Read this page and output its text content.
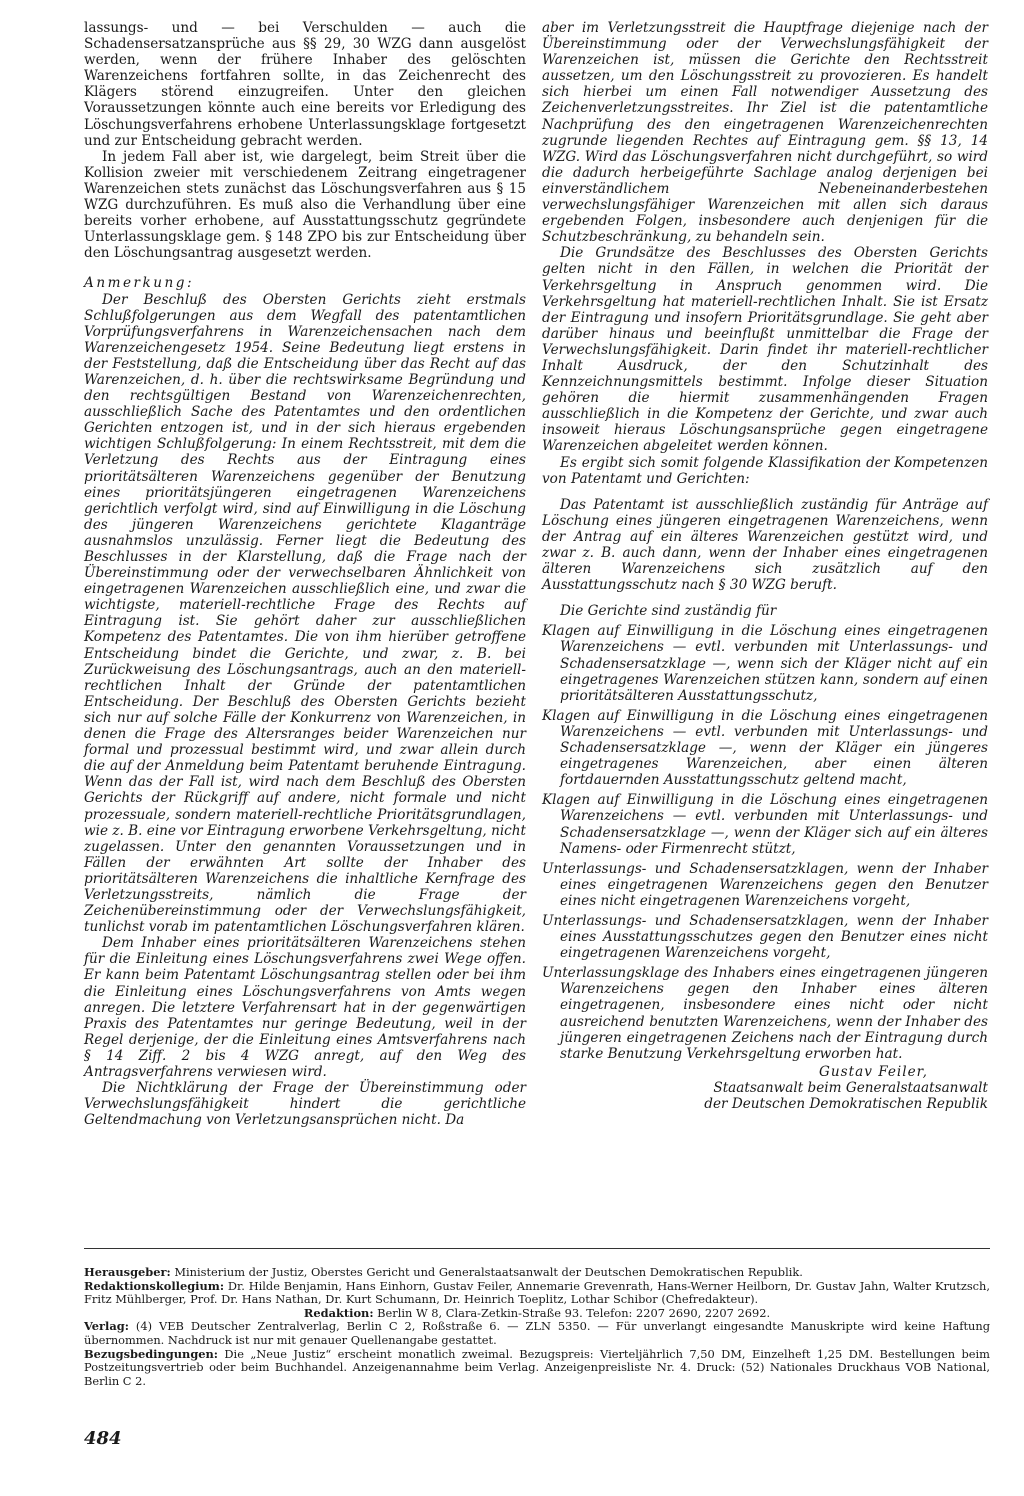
lassungs- und — bei Verschulden — auch die Schadensersatzansprüche aus §§ 29, 30 WZG dann ausgelöst werden, wenn der frühere Inhaber des gelöschten Warenzeichens fortfahren sollte, in das Zeichenrecht des Klägers störend einzugreifen. Unter den gleichen Voraussetzungen könnte auch eine bereits vor Erledigung des Löschungsverfahrens erhobene Unterlassungsklage fortgesetzt und zur Entscheidung gebracht werden.

In jedem Fall aber ist, wie dargelegt, beim Streit über die Kollision zweier mit verschiedenem Zeitrang eingetragener Warenzeichen stets zunächst das Löschungsverfahren aus § 15 WZG durchzuführen. Es muß also die Verhandlung über eine bereits vorher erhobene, auf Ausstattungsschutz gegründete Unterlassungsklage gem. § 148 ZPO bis zur Entscheidung über den Löschungsantrag ausgesetzt werden.

Anmerkung:

Der Beschluß des Obersten Gerichts zieht erstmals Schlußfolgerungen aus dem Wegfall des patentamtlichen Vorprüfungsverfahrens in Warenzeichensachen nach dem Warenzeichengesetz 1954. Seine Bedeutung liegt erstens in der Feststellung, daß die Entscheidung über das Recht auf das Warenzeichen, d. h. über die rechtswirksame Begründung und den rechtsgültigen Bestand von Warenzeichenrechten, ausschließlich Sache des Patentamtes und den ordentlichen Gerichten entzogen ist, und in der sich hieraus ergebenden wichtigen Schlußfolgerung: In einem Rechtsstreit, mit dem die Verletzung des Rechts aus der Eintragung eines prioritätsälteren Warenzeichens gegenüber der Benutzung eines prioritätsjüngeren eingetragenen Warenzeichens gerichtlich verfolgt wird, sind auf Einwilligung in die Löschung des jüngeren Warenzeichens gerichtete Klaganträge ausnahmslos unzulässig. Ferner liegt die Bedeutung des Beschlusses in der Klarstellung, daß die Frage nach der Übereinstimmung oder der verwechselbaren Ähnlichkeit von eingetragenen Warenzeichen ausschließlich eine, und zwar die wichtigste, materiell-rechtliche Frage des Rechts auf Eintragung ist. Sie gehört daher zur ausschließlichen Kompetenz des Patentamtes. Die von ihm hierüber getroffene Entscheidung bindet die Gerichte, und zwar, z. B. bei Zurückweisung des Löschungsantrags, auch an den materiell-rechtlichen Inhalt der Gründe der patentamtlichen Entscheidung. Der Beschluß des Obersten Gerichts bezieht sich nur auf solche Fälle der Konkurrenz von Warenzeichen, in denen die Frage des Altersranges beider Warenzeichen nur formal und prozessual bestimmt wird, und zwar allein durch die auf der Anmeldung beim Patentamt beruhende Eintragung. Wenn das der Fall ist, wird nach dem Beschluß des Obersten Gerichts der Rückgriff auf andere, nicht formale und nicht prozessuale, sondern materiell-rechtliche Prioritätsgrundlagen, wie z. B. eine vor Eintragung erworbene Verkehrsgeltung, nicht zugelassen. Unter den genannten Voraussetzungen und in Fällen der erwähnten Art sollte der Inhaber des prioritätsälteren Warenzeichens die inhaltliche Kernfrage des Verletzungsstreits, nämlich die Frage der Zeichenübereinstimmung oder der Verwechslungsfähigkeit, tunlichst vorab im patentamtlichen Löschungsverfahren klären.

Dem Inhaber eines prioritätsälteren Warenzeichens stehen für die Einleitung eines Löschungsverfahrens zwei Wege offen. Er kann beim Patentamt Löschungsantrag stellen oder bei ihm die Einleitung eines Löschungsverfahrens von Amts wegen anregen. Die letztere Verfahrensart hat in der gegenwärtigen Praxis des Patentamtes nur geringe Bedeutung, weil in der Regel derjenige, der die Einleitung eines Amtsverfahrens nach § 14 Ziff. 2 bis 4 WZG anregt, auf den Weg des Antragsverfahrens verwiesen wird.

Die Nichtklärung der Frage der Übereinstimmung oder Verwechslungsfähigkeit hindert die gerichtliche Geltendmachung von Verletzungsansprüchen nicht. Da

aber im Verletzungsstreit die Hauptfrage diejenige nach der Übereinstimmung oder der Verwechslungsfähigkeit der Warenzeichen ist, müssen die Gerichte den Rechtsstreit aussetzen, um den Löschungsstreit zu provozieren. Es handelt sich hierbei um einen Fall notwendiger Aussetzung des Zeichenverletzungsstreites. Ihr Ziel ist die patentamtliche Nachprüfung des den eingetragenen Warenzeichenrechten zugrunde liegenden Rechtes auf Eintragung gem. §§ 13, 14 WZG. Wird das Löschungsverfahren nicht durchgeführt, so wird die dadurch herbeigeführte Sachlage analog derjenigen bei einverständlichem Nebeneinanderbestehen verwechslungsfähiger Warenzeichen mit allen sich daraus ergebenden Folgen, insbesondere auch denjenigen für die Schutzbeschränkung, zu behandeln sein.

Die Grundsätze des Beschlusses des Obersten Gerichts gelten nicht in den Fällen, in welchen die Priorität der Verkehrsgeltung in Anspruch genommen wird. Die Verkehrsgeltung hat materiell-rechtlichen Inhalt. Sie ist Ersatz der Eintragung und insofern Prioritätsgrundlage. Sie geht aber darüber hinaus und beeinflußt unmittelbar die Frage der Verwechslungsfähigkeit. Darin findet ihr materiell-rechtlicher Inhalt Ausdruck, der den Schutzinhalt des Kennzeichnungsmittels bestimmt. Infolge dieser Situation gehören die hiermit zusammenhängenden Fragen ausschließlich in die Kompetenz der Gerichte, und zwar auch insoweit hieraus Löschungsansprüche gegen eingetragene Warenzeichen abgeleitet werden können.

Es ergibt sich somit folgende Klassifikation der Kompetenzen von Patentamt und Gerichten:

Das Patentamt ist ausschließlich zuständig für Anträge auf Löschung eines jüngeren eingetragenen Warenzeichens, wenn der Antrag auf ein älteres Warenzeichen gestützt wird, und zwar z. B. auch dann, wenn der Inhaber eines eingetragenen älteren Warenzeichens sich zusätzlich auf den Ausstattungsschutz nach § 30 WZG beruft.

Die Gerichte sind zuständig für

Klagen auf Einwilligung in die Löschung eines eingetragenen Warenzeichens — evtl. verbunden mit Unterlassungs- und Schadensersatzklage —, wenn sich der Kläger nicht auf ein eingetragenes Warenzeichen stützen kann, sondern auf einen prioritätsälteren Ausstattungsschutz,

Klagen auf Einwilligung in die Löschung eines eingetragenen Warenzeichens — evtl. verbunden mit Unterlassungs- und Schadensersatzklage —, wenn der Kläger ein jüngeres eingetragenes Warenzeichen, aber einen älteren fortdauernden Ausstattungsschutz geltend macht,

Klagen auf Einwilligung in die Löschung eines eingetragenen Warenzeichens — evtl. verbunden mit Unterlassungs- und Schadensersatzklage —, wenn der Kläger sich auf ein älteres Namens- oder Firmenrecht stützt,

Unterlassungs- und Schadensersatzklagen, wenn der Inhaber eines eingetragenen Warenzeichens gegen den Benutzer eines nicht eingetragenen Warenzeichens vorgeht,

Unterlassungs- und Schadensersatzklagen, wenn der Inhaber eines Ausstattungsschutzes gegen den Benutzer eines nicht eingetragenen Warenzeichens vorgeht,

Unterlassungsklage des Inhabers eines eingetragenen jüngeren Warenzeichens gegen den Inhaber eines älteren eingetragenen, insbesondere eines nicht oder nicht ausreichend benutzten Warenzeichens, wenn der Inhaber des jüngeren eingetragenen Zeichens nach der Eintragung durch starke Benutzung Verkehrsgeltung erworben hat.

Gustav Feiler,

Staatsanwalt beim Generalstaatsanwalt

der Deutschen Demokratischen Republik

Herausgeber: Ministerium der Justiz, Oberstes Gericht und Generalstaatsanwalt der Deutschen Demokratischen Republik.

Redaktionskollegium: Dr. Hilde Benjamin, Hans Einhorn, Gustav Feiler, Annemarie Grevenrath, Hans-Werner Heilborn, Dr. Gustav Jahn, Walter Krutzsch, Fritz Mühlberger, Prof. Dr. Hans Nathan, Dr. Kurt Schumann, Dr. Heinrich Toeplitz, Lothar Schibor (Chefredakteur).

Redaktion: Berlin W 8, Clara-Zetkin-Straße 93. Telefon: 2207 2690, 2207 2692.

Verlag: (4) VEB Deutscher Zentralverlag, Berlin C 2, Roßstraße 6. — ZLN 5350. — Für unverlangt eingesandte Manuskripte wird keine Haftung übernommen. Nachdruck ist nur mit genauer Quellenangabe gestattet.

Bezugsbedingungen: Die „Neue Justiz“ erscheint monatlich zweimal. Bezugspreis: Vierteljährlich 7,50 DM, Einzelheft 1,25 DM. Bestellungen beim Postzeitungsvertrieb oder beim Buchhandel. Anzeigenannahme beim Verlag. Anzeigenpreisliste Nr. 4. Druck: (52) Nationales Druckhaus VOB National, Berlin C 2.

484
